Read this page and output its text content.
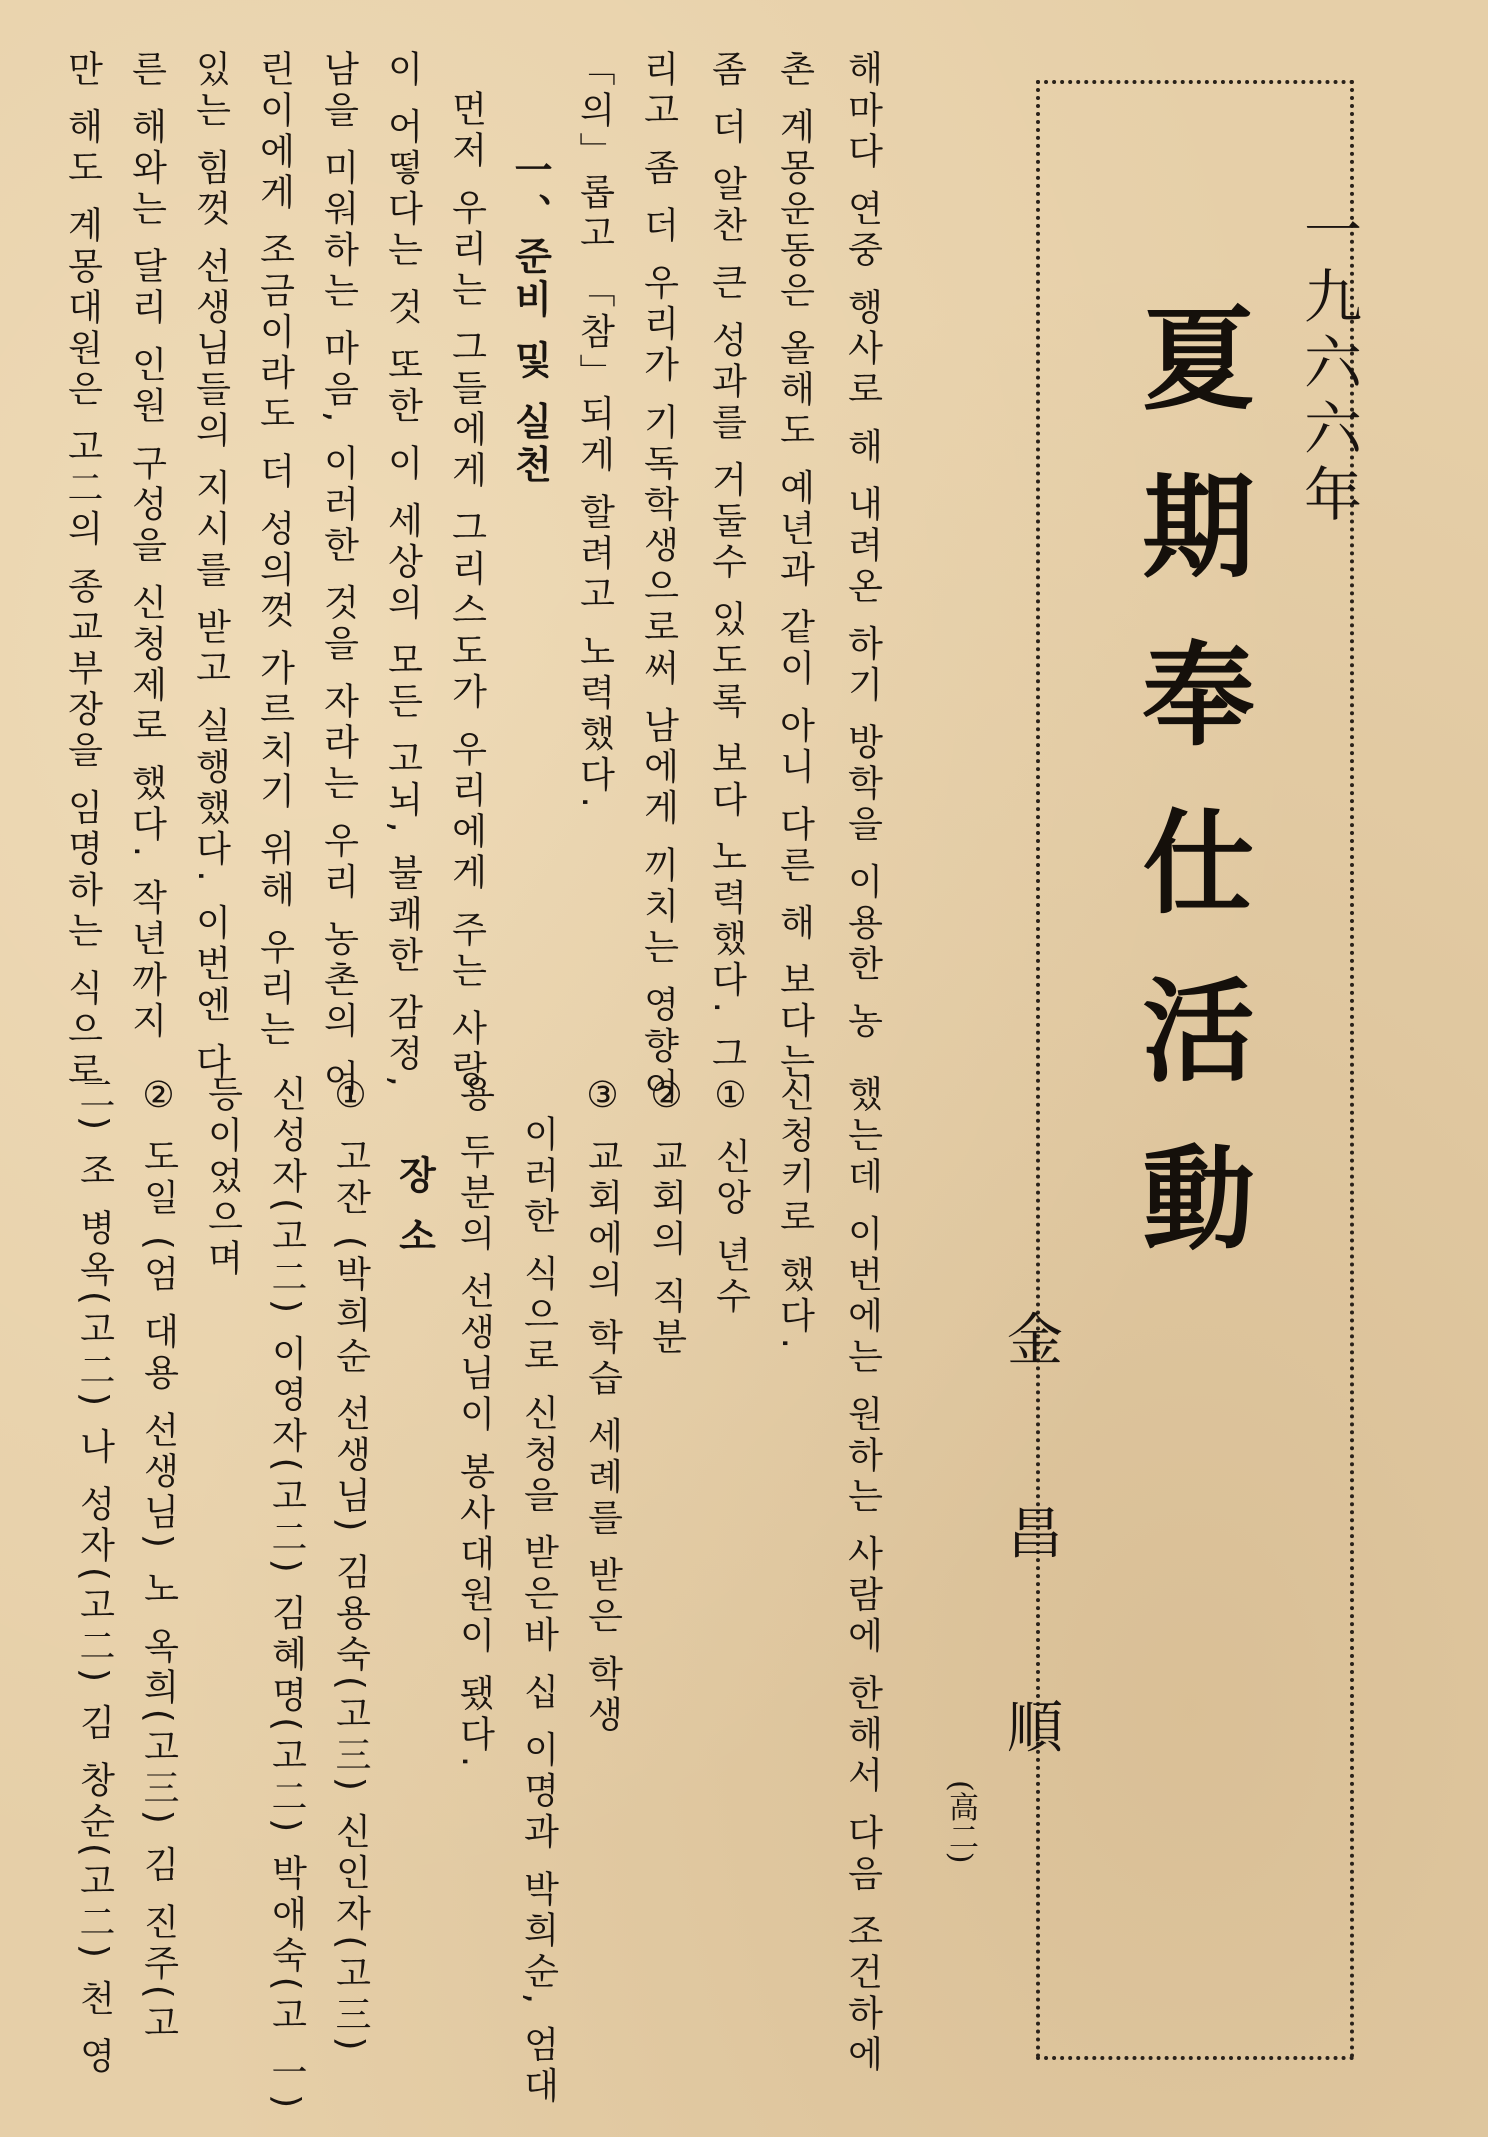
一九六六年
夏期奉仕活動
金 昌 順
(高二)
해마다 연중 행사로 해 내려온 하기 방학을 이용한 농
촌 계몽운동은 올해도 예년과 같이 아니 다른 해 보다는
좀 더 알찬 큰 성과를 거둘수 있도록 보다 노력했다. 그
리고 좀 더 우리가 기독학생으로써 남에게 끼치는 영향이
「의」롭고 「참」되게 할려고 노력했다.
一、준비 및 실천
먼저 우리는 그들에게 그리스도가 우리에게 주는 사랑
이 어떻다는 것 또한 이 세상의 모든 고뇌, 불쾌한 감정,
남을 미워하는 마음, 이러한 것을 자라는 우리 농촌의 어
린이에게 조금이라도 더 성의껏 가르치기 위해 우리는
있는 힘껏 선생님들의 지시를 받고 실행했다. 이번엔 다
른 해와는 달리 인원 구성을 신청제로 했다. 작년까지
만 해도 계몽대원은 고二의 종교부장을 임명하는 식으로
했는데 이번에는 원하는 사람에 한해서 다음 조건하에
신청키로 했다.
① 신앙 년수
② 교회의 직분
③ 교회에의 학습 세례를 받은 학생
이러한 식으로 신청을 받은바 십 이명과 박희순, 엄대
용 두분의 선생님이 봉사대원이 됐다.
장 소
① 고잔 (박희순 선생님) 김용숙(고三) 신인자(고三)
신성자(고二) 이영자(고二) 김혜명(고二) 박애숙(고 一)
등이었으며
② 도일 (엄 대용 선생님) 노 옥희(고三) 김 진주(고
二) 조 병옥(고二) 나 성자(고二) 김 창순(고二) 천 영
